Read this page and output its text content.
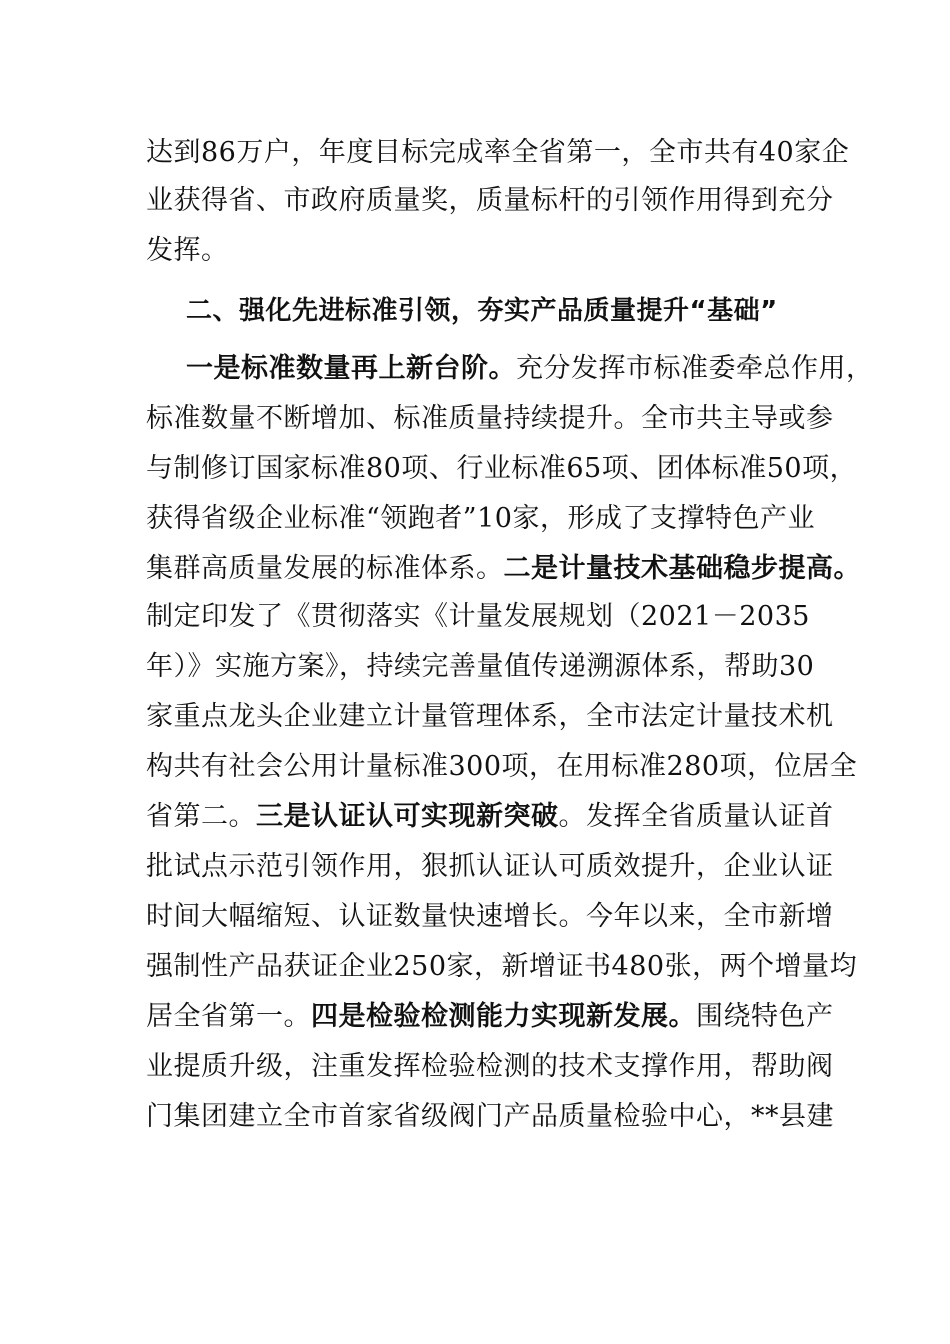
达到86万户，年度目标完成率全省第一，全市共有40家企
业获得省、市政府质量奖，质量标杆的引领作用得到充分
发挥。
二、强化先进标准引领，夯实产品质量提升“基础”
一是标准数量再上新台阶。充分发挥市标准委牵总作用，
标准数量不断增加、标准质量持续提升。全市共主导或参
与制修订国家标准80项、行业标准65项、团体标准50项，
获得省级企业标准“领跑者”10家，形成了支撑特色产业
集群高质量发展的标准体系。二是计量技术基础稳步提高。
制定印发了《贯彻落实《计量发展规划（2021－2035
年）》实施方案》，持续完善量值传递溯源体系，帮助30
家重点龙头企业建立计量管理体系，全市法定计量技术机
构共有社会公用计量标准300项，在用标准280项，位居全
省第二。三是认证认可实现新突破。发挥全省质量认证首
批试点示范引领作用，狠抓认证认可质效提升，企业认证
时间大幅缩短、认证数量快速增长。今年以来，全市新增
强制性产品获证企业250家，新增证书480张，两个增量均
居全省第一。四是检验检测能力实现新发展。围绕特色产
业提质升级，注重发挥检验检测的技术支撑作用，帮助阀
门集团建立全市首家省级阀门产品质量检验中心，**县建
